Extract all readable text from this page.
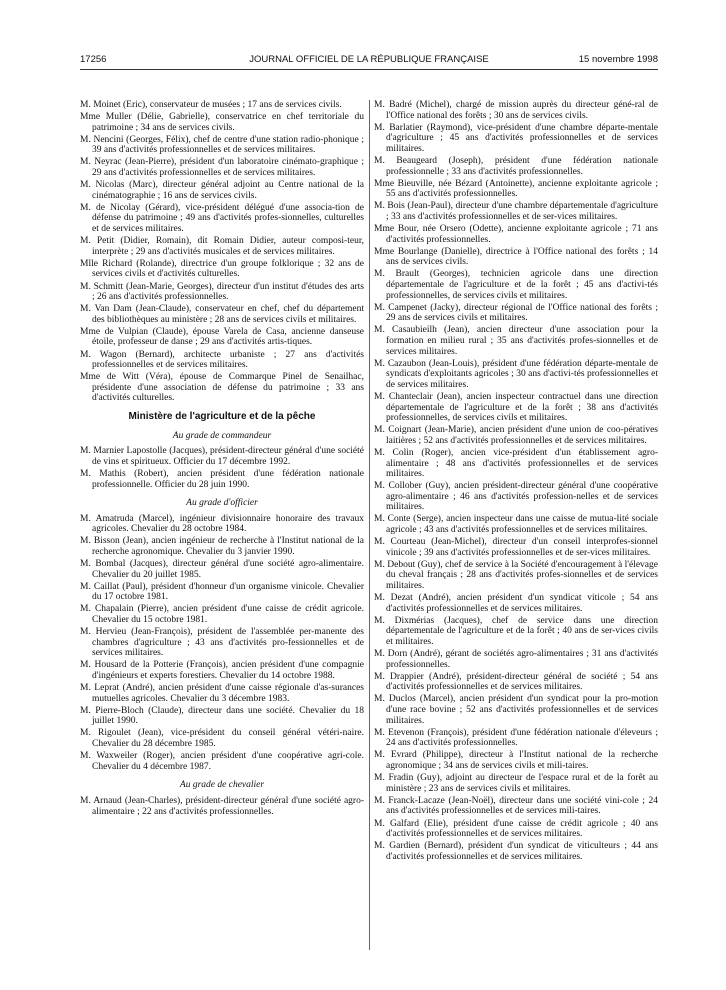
17256	JOURNAL OFFICIEL DE LA RÉPUBLIQUE FRANÇAISE	15 novembre 1998

M. Moinet (Eric), conservateur de musées ; 17 ans de services civils.

Mme Muller (Délie, Gabrielle), conservatrice en chef territoriale du patrimoine ; 34 ans de services civils.

M. Nencini (Georges, Félix), chef de centre d'une station radio-phonique ; 39 ans d'activités professionnelles et de services militaires.

M. Neyrac (Jean-Pierre), président d'un laboratoire cinémato-graphique ; 29 ans d'activités professionnelles et de services militaires.

M. Nicolas (Marc), directeur général adjoint au Centre national de la cinématographie ; 16 ans de services civils.

M. de Nicolay (Gérard), vice-président délégué d'une associa-tion de défense du patrimoine ; 49 ans d'activités profes-sionnelles, culturelles et de services militaires.

M. Petit (Didier, Romain), dit Romain Didier, auteur composi-teur, interprète ; 29 ans d'activités musicales et de services militaires.

Mlle Richard (Rolande), directrice d'un groupe folklorique ; 32 ans de services civils et d'activités culturelles.

M. Schmitt (Jean-Marie, Georges), directeur d'un institut d'études des arts ; 26 ans d'activités professionnelles.

M. Van Dam (Jean-Claude), conservateur en chef, chef du département des bibliothèques au ministère ; 28 ans de services civils et militaires.

Mme de Vulpian (Claude), épouse Varela de Casa, ancienne danseuse étoile, professeur de danse ; 29 ans d'activités artis-tiques.

M. Wagon (Bernard), architecte urbaniste ; 27 ans d'activités professionnelles et de services militaires.

Mme de Witt (Véra), épouse de Commarque Pinel de Senailhac, présidente d'une association de défense du patrimoine ; 33 ans d'activités culturelles.

Ministère de l'agriculture et de la pêche
Au grade de commandeur

M. Marnier Lapostolle (Jacques), président-directeur général d'une société de vins et spiritueux. Officier du 17 décembre 1992.

M. Mathis (Robert), ancien président d'une fédération nationale professionnelle. Officier du 28 juin 1990.

Au grade d'officier

M. Amatruda (Marcel), ingénieur divisionnaire honoraire des travaux agricoles. Chevalier du 28 octobre 1984.

M. Bisson (Jean), ancien ingénieur de recherche à l'Institut national de la recherche agronomique. Chevalier du 3 janvier 1990.

M. Bombal (Jacques), directeur général d'une société agro-alimentaire. Chevalier du 20 juillet 1985.

M. Caillat (Paul), président d'honneur d'un organisme vinicole. Chevalier du 17 octobre 1981.

M. Chapalain (Pierre), ancien président d'une caisse de crédit agricole. Chevalier du 15 octobre 1981.

M. Hervieu (Jean-François), président de l'assemblée per-manente des chambres d'agriculture ; 43 ans d'activités pro-fessionnelles et de services militaires.

M. Housard de la Potterie (François), ancien président d'une compagnie d'ingénieurs et experts forestiers. Chevalier du 14 octobre 1988.

M. Leprat (André), ancien président d'une caisse régionale d'as-surances mutuelles agricoles. Chevalier du 3 décembre 1983.

M. Pierre-Bloch (Claude), directeur dans une société. Chevalier du 18 juillet 1990.

M. Rigoulet (Jean), vice-président du conseil général vétéri-naire. Chevalier du 28 décembre 1985.

M. Waxweiler (Roger), ancien président d'une coopérative agri-cole. Chevalier du 4 décembre 1987.

Au grade de chevalier

M. Arnaud (Jean-Charles), président-directeur général d'une société agro-alimentaire ; 22 ans d'activités professionnelles.

M. Badré (Michel), chargé de mission auprès du directeur géné-ral de l'Office national des forêts ; 30 ans de services civils.

M. Barlatier (Raymond), vice-président d'une chambre départe-mentale d'agriculture ; 45 ans d'activités professionnelles et de services militaires.

M. Beaugeard (Joseph), président d'une fédération nationale professionnelle ; 33 ans d'activités professionnelles.

Mme Bieuville, née Bézard (Antoinette), ancienne exploitante agricole ; 55 ans d'activités professionnelles.

M. Bois (Jean-Paul), directeur d'une chambre départementale d'agriculture ; 33 ans d'activités professionnelles et de ser-vices militaires.

Mme Bour, née Orsero (Odette), ancienne exploitante agricole ; 71 ans d'activités professionnelles.

Mme Bourlange (Danielle), directrice à l'Office national des forêts ; 14 ans de services civils.

M. Brault (Georges), technicien agricole dans une direction départementale de l'agriculture et de la forêt ; 45 ans d'activi-tés professionnelles, de services civils et militaires.

M. Campenet (Jacky), directeur régional de l'Office national des forêts ; 29 ans de services civils et militaires.

M. Casaubieilh (Jean), ancien directeur d'une association pour la formation en milieu rural ; 35 ans d'activités profes-sionnelles et de services militaires.

M. Cazaubon (Jean-Louis), président d'une fédération départe-mentale de syndicats d'exploitants agricoles ; 30 ans d'activi-tés professionnelles et de services militaires.

M. Chanteclair (Jean), ancien inspecteur contractuel dans une direction départementale de l'agriculture et de la forêt ; 38 ans d'activités professionnelles, de services civils et militaires.

M. Coignart (Jean-Marie), ancien président d'une union de coo-pératives laitières ; 52 ans d'activités professionnelles et de services militaires.

M. Colin (Roger), ancien vice-président d'un établissement agro-alimentaire ; 48 ans d'activités professionnelles et de services militaires.

M. Collober (Guy), ancien président-directeur général d'une coopérative agro-alimentaire ; 46 ans d'activités profession-nelles et de services militaires.

M. Conte (Serge), ancien inspecteur dans une caisse de mutua-lité sociale agricole ; 43 ans d'activités professionnelles et de services militaires.

M. Courteau (Jean-Michel), directeur d'un conseil interprofes-sionnel vinicole ; 39 ans d'activités professionnelles et de ser-vices militaires.

M. Debout (Guy), chef de service à la Société d'encouragement à l'élevage du cheval français ; 28 ans d'activités profes-sionnelles et de services militaires.

M. Dezat (André), ancien président d'un syndicat viticole ; 54 ans d'activités professionnelles et de services militaires.

M. Dixmérias (Jacques), chef de service dans une direction départementale de l'agriculture et de la forêt ; 40 ans de ser-vices civils et militaires.

M. Dorn (André), gérant de sociétés agro-alimentaires ; 31 ans d'activités professionnelles.

M. Drappier (André), président-directeur général de société ; 54 ans d'activités professionnelles et de services militaires.

M. Duclos (Marcel), ancien président d'un syndicat pour la pro-motion d'une race bovine ; 52 ans d'activités professionnelles et de services militaires.

M. Etevenon (François), président d'une fédération nationale d'éleveurs ; 24 ans d'activités professionnelles.

M. Evrard (Philippe), directeur à l'Institut national de la recherche agronomique ; 34 ans de services civils et mili-taires.

M. Fradin (Guy), adjoint au directeur de l'espace rural et de la forêt au ministère ; 23 ans de services civils et militaires.

M. Franck-Lacaze (Jean-Noël), directeur dans une société vini-cole ; 24 ans d'activités professionnelles et de services mili-taires.

M. Galfard (Elie), président d'une caisse de crédit agricole ; 40 ans d'activités professionnelles et de services militaires.

M. Gardien (Bernard), président d'un syndicat de viticulteurs ; 44 ans d'activités professionnelles et de services militaires.
